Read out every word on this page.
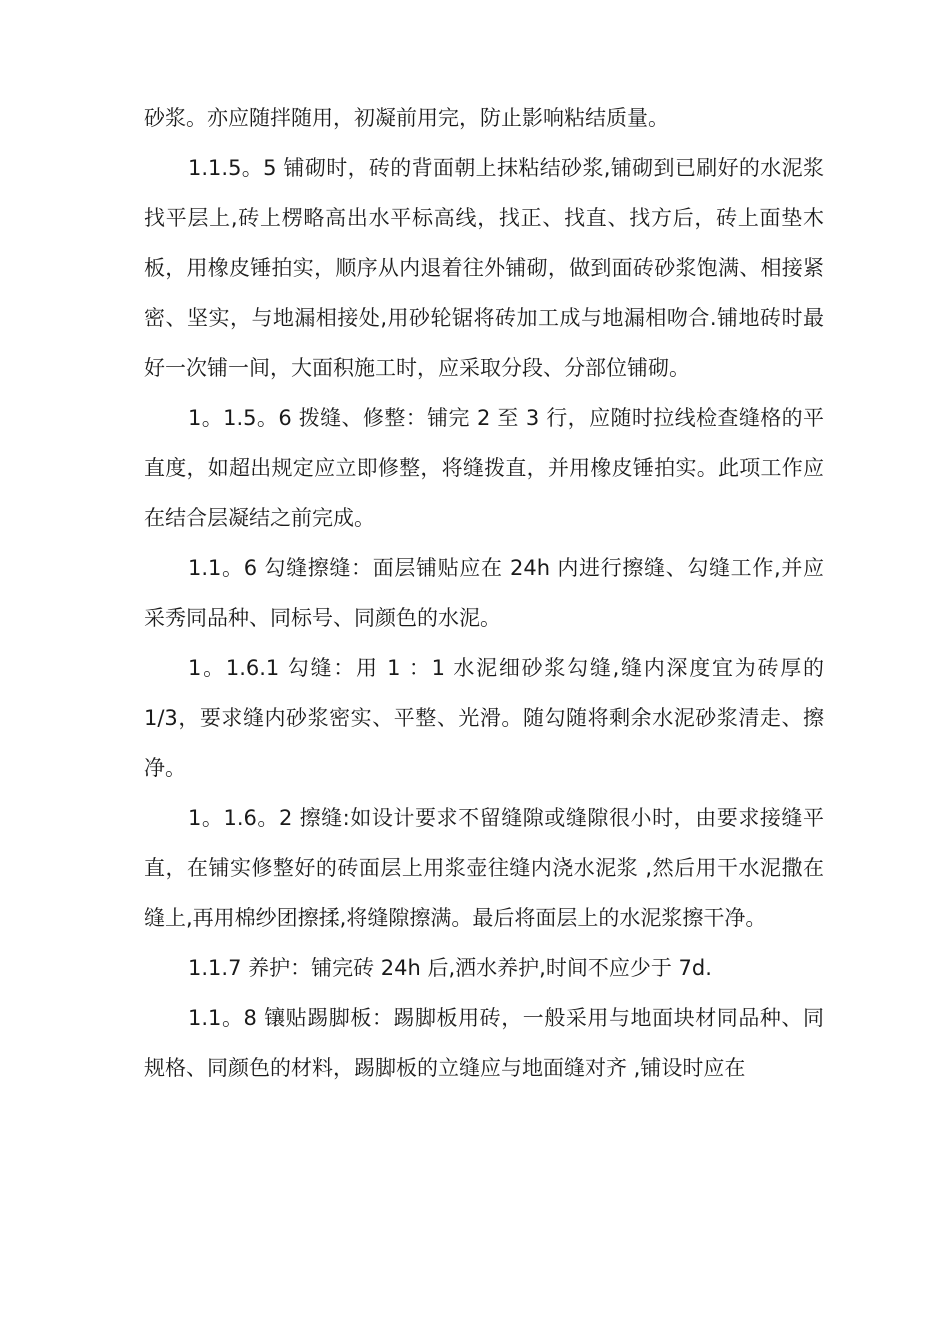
砂浆。亦应随拌随用，初凝前用完，防止影响粘结质量。

1.1.5。5 铺砌时，砖的背面朝上抹粘结砂浆,铺砌到已刷好的水泥浆找平层上,砖上楞略高出水平标高线，找正、找直、找方后，砖上面垫木板，用橡皮锤拍实，顺序从内退着往外铺砌，做到面砖砂浆饱满、相接紧密、坚实，与地漏相接处,用砂轮锯将砖加工成与地漏相吻合.铺地砖时最好一次铺一间，大面积施工时，应采取分段、分部位铺砌。

1。1.5。6 拨缝、修整：铺完 2 至 3 行，应随时拉线检查缝格的平直度，如超出规定应立即修整，将缝拨直，并用橡皮锤拍实。此项工作应在结合层凝结之前完成。

1.1。6 勾缝擦缝：面层铺贴应在 24h 内进行擦缝、勾缝工作,并应采秀同品种、同标号、同颜色的水泥。

1。1.6.1 勾缝：用 1 ：1 水泥细砂浆勾缝,缝内深度宜为砖厚的1/3，要求缝内砂浆密实、平整、光滑。随勾随将剩余水泥砂浆清走、擦净。

1。1.6。2 擦缝:如设计要求不留缝隙或缝隙很小时，由要求接缝平直，在铺实修整好的砖面层上用浆壶往缝内浇水泥浆 ,然后用干水泥撒在缝上,再用棉纱团擦揉,将缝隙擦满。最后将面层上的水泥浆擦干净。

1.1.7 养护：铺完砖 24h 后,洒水养护,时间不应少于 7d.

1.1。8 镶贴踢脚板：踢脚板用砖，一般采用与地面块材同品种、同规格、同颜色的材料，踢脚板的立缝应与地面缝对齐 ,铺设时应在
